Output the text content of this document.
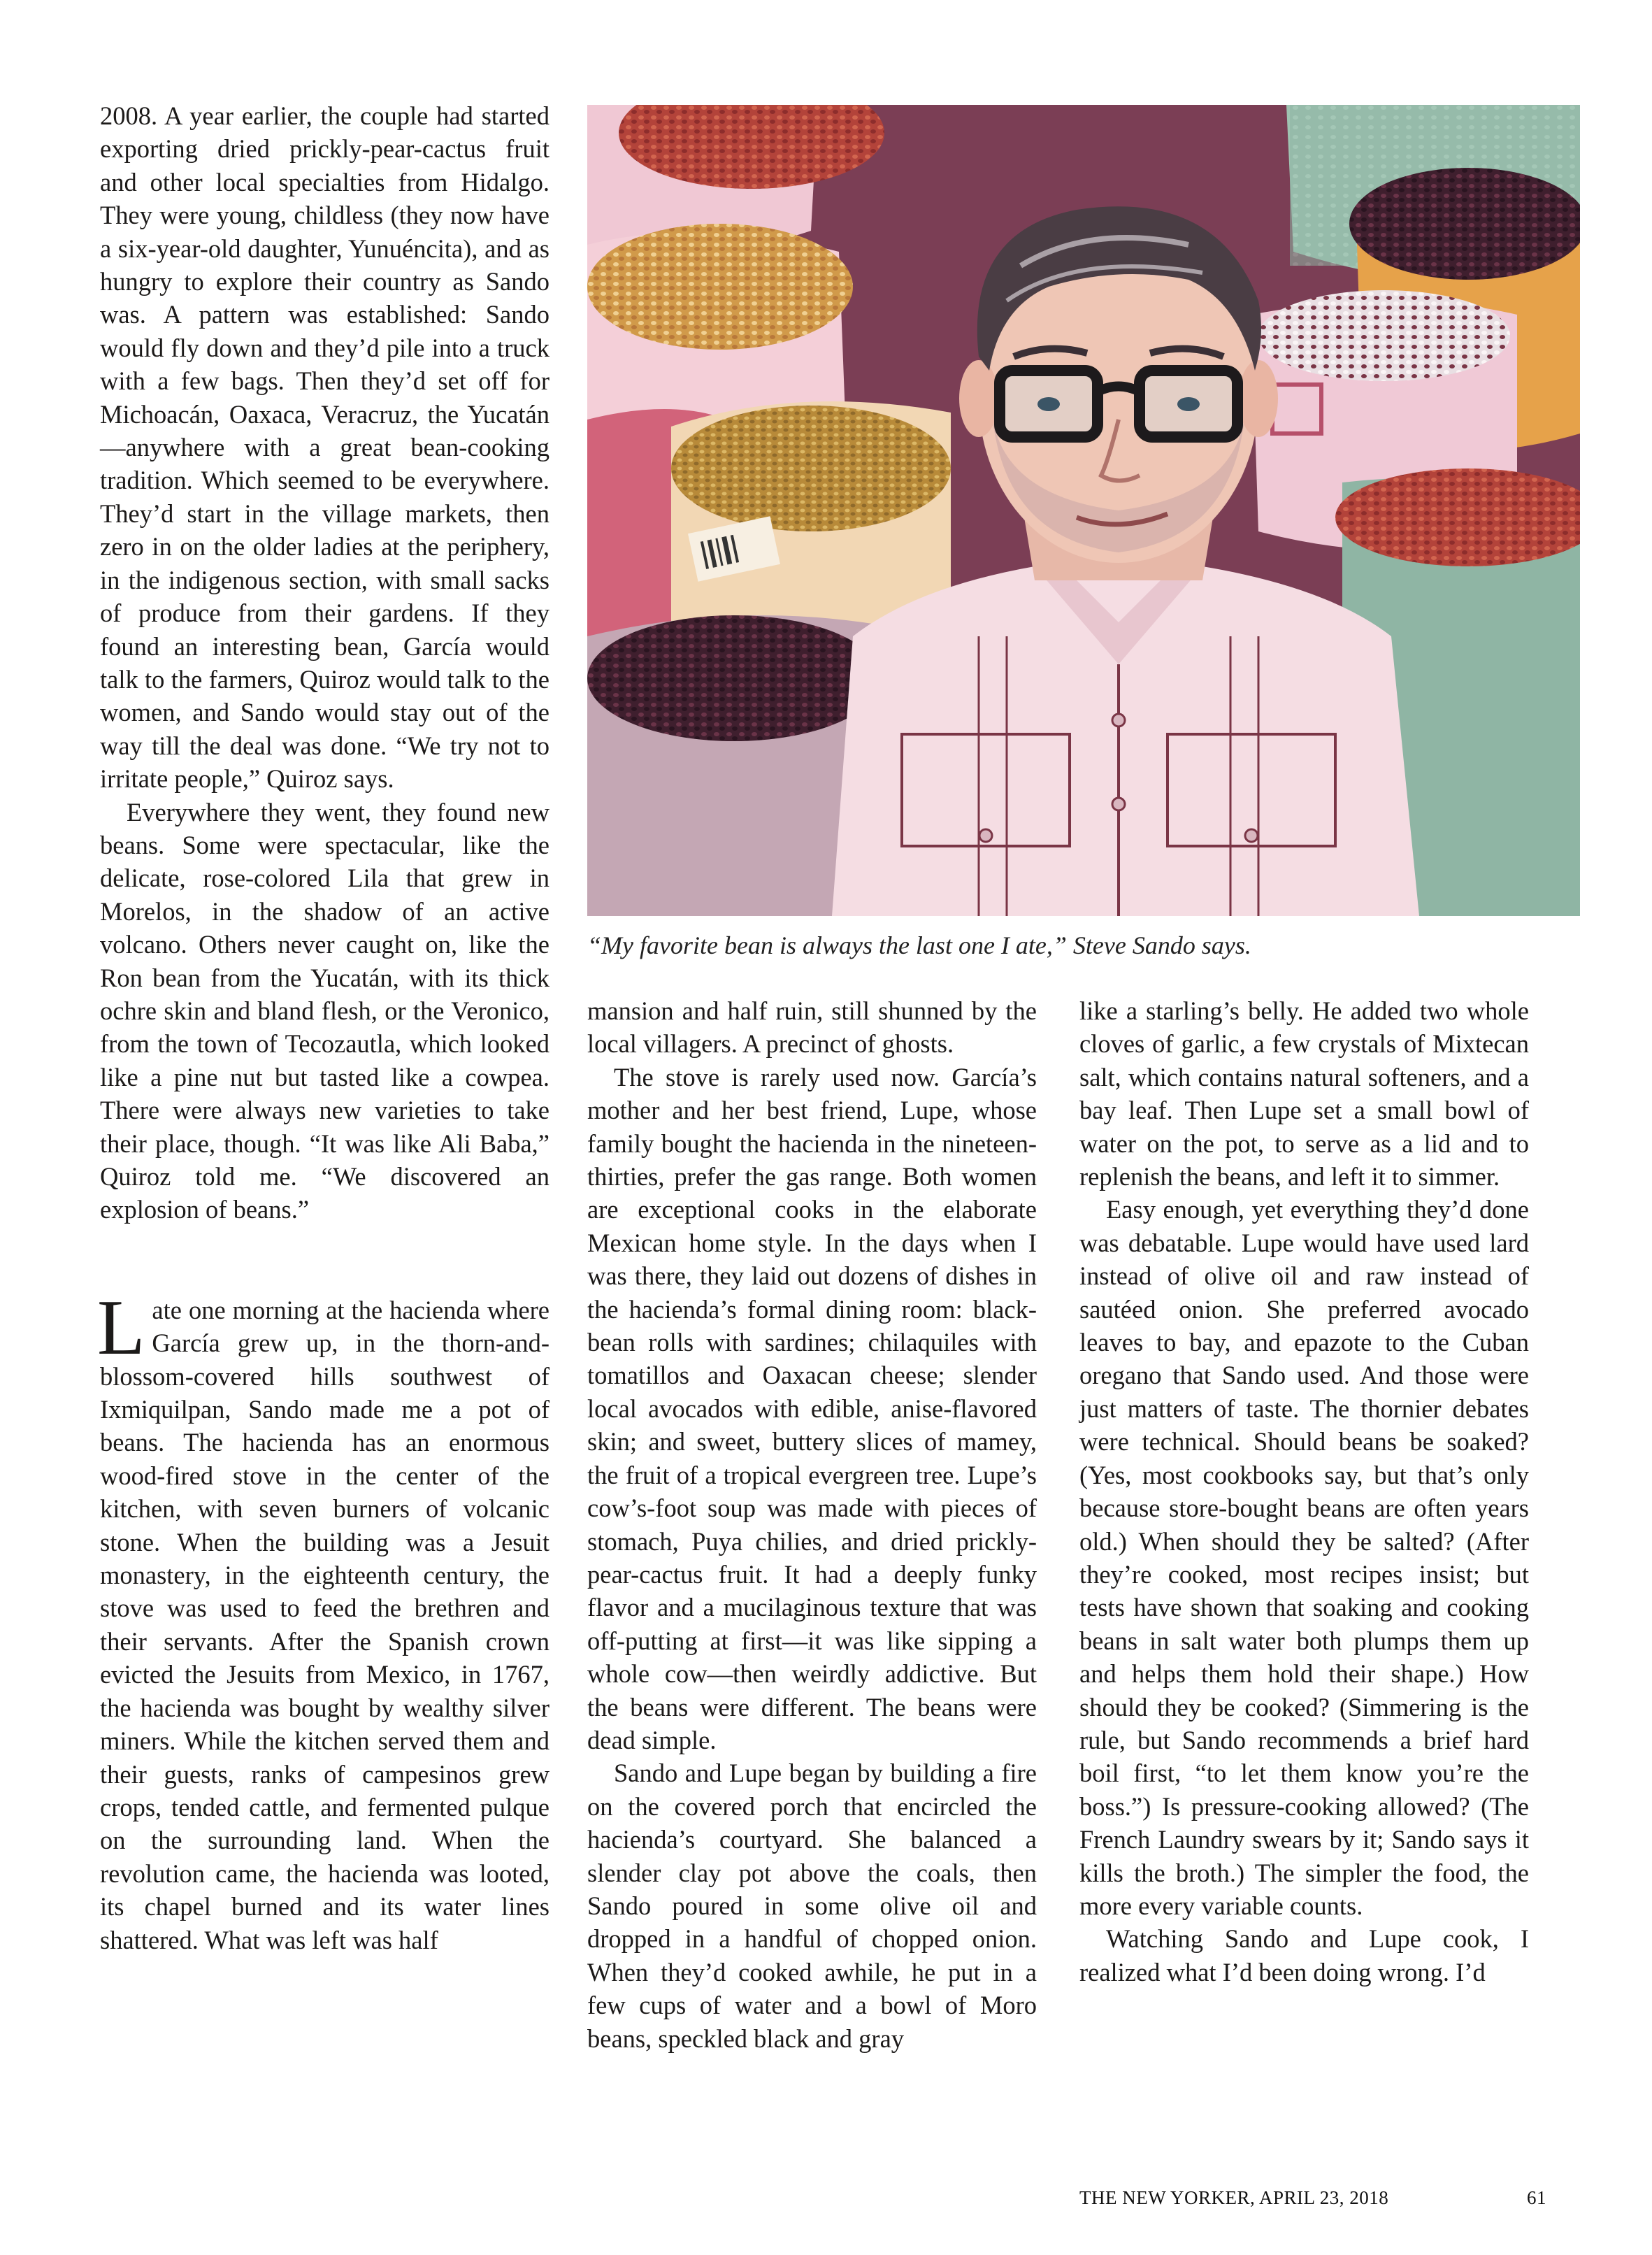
2008. A year earlier, the couple had started exporting dried prickly-pear-cactus fruit and other local specialties from Hidalgo. They were young, childless (they now have a six-year-old daughter, Yunuéncita), and as hungry to explore their country as Sando was. A pattern was established: Sando would fly down and they’d pile into a truck with a few bags. Then they’d set off for Michoacán, Oaxaca, Veracruz, the Yucatán—anywhere with a great bean-cooking tradition. Which seemed to be everywhere. They’d start in the village markets, then zero in on the older ladies at the periphery, in the indigenous section, with small sacks of produce from their gardens. If they found an interesting bean, García would talk to the farmers, Quiroz would talk to the women, and Sando would stay out of the way till the deal was done. “We try not to irritate people,” Quiroz says.

Everywhere they went, they found new beans. Some were spectacular, like the delicate, rose-colored Lila that grew in Morelos, in the shadow of an active volcano. Others never caught on, like the Ron bean from the Yucatán, with its thick ochre skin and bland flesh, or the Veronico, from the town of Tecozautla, which looked like a pine nut but tasted like a cowpea. There were always new varieties to take their place, though. “It was like Ali Baba,” Quiroz told me. “We discovered an explosion of beans.”

Late one morning at the hacienda where García grew up, in the thorn-and-blossom-covered hills southwest of Ixmiquilpan, Sando made me a pot of beans. The hacienda has an enormous wood-fired stove in the center of the kitchen, with seven burners of volcanic stone. When the building was a Jesuit monastery, in the eighteenth century, the stove was used to feed the brethren and their servants. After the Spanish crown evicted the Jesuits from Mexico, in 1767, the hacienda was bought by wealthy silver miners. While the kitchen served them and their guests, ranks of campesinos grew crops, tended cattle, and fermented pulque on the surrounding land. When the revolution came, the hacienda was looted, its chapel burned and its water lines shattered. What was left was half

“My favorite bean is always the last one I ate,” Steve Sando says.

mansion and half ruin, still shunned by the local villagers. A precinct of ghosts.

The stove is rarely used now. García’s mother and her best friend, Lupe, whose family bought the hacienda in the nineteen-thirties, prefer the gas range. Both women are exceptional cooks in the elaborate Mexican home style. In the days when I was there, they laid out dozens of dishes in the hacienda’s formal dining room: black-bean rolls with sardines; chilaquiles with tomatillos and Oaxacan cheese; slender local avocados with edible, anise-flavored skin; and sweet, buttery slices of mamey, the fruit of a tropical evergreen tree. Lupe’s cow’s-foot soup was made with pieces of stomach, Puya chilies, and dried prickly-pear-cactus fruit. It had a deeply funky flavor and a mucilaginous texture that was off-putting at first—it was like sipping a whole cow—then weirdly addictive. But the beans were different. The beans were dead simple.

Sando and Lupe began by building a fire on the covered porch that encircled the hacienda’s courtyard. She balanced a slender clay pot above the coals, then Sando poured in some olive oil and dropped in a handful of chopped onion. When they’d cooked awhile, he put in a few cups of water and a bowl of Moro beans, speckled black and gray

like a starling’s belly. He added two whole cloves of garlic, a few crystals of Mixtecan salt, which contains natural softeners, and a bay leaf. Then Lupe set a small bowl of water on the pot, to serve as a lid and to replenish the beans, and left it to simmer.

Easy enough, yet everything they’d done was debatable. Lupe would have used lard instead of olive oil and raw instead of sautéed onion. She preferred avocado leaves to bay, and epazote to the Cuban oregano that Sando used. And those were just matters of taste. The thornier debates were technical. Should beans be soaked? (Yes, most cookbooks say, but that’s only because store-bought beans are often years old.) When should they be salted? (After they’re cooked, most recipes insist; but tests have shown that soaking and cooking beans in salt water both plumps them up and helps them hold their shape.) How should they be cooked? (Simmering is the rule, but Sando recommends a brief hard boil first, “to let them know you’re the boss.”) Is pressure-cooking allowed? (The French Laundry swears by it; Sando says it kills the broth.) The simpler the food, the more every variable counts.

Watching Sando and Lupe cook, I realized what I’d been doing wrong. I’d

THE NEW YORKER, APRIL 23, 2018	61
